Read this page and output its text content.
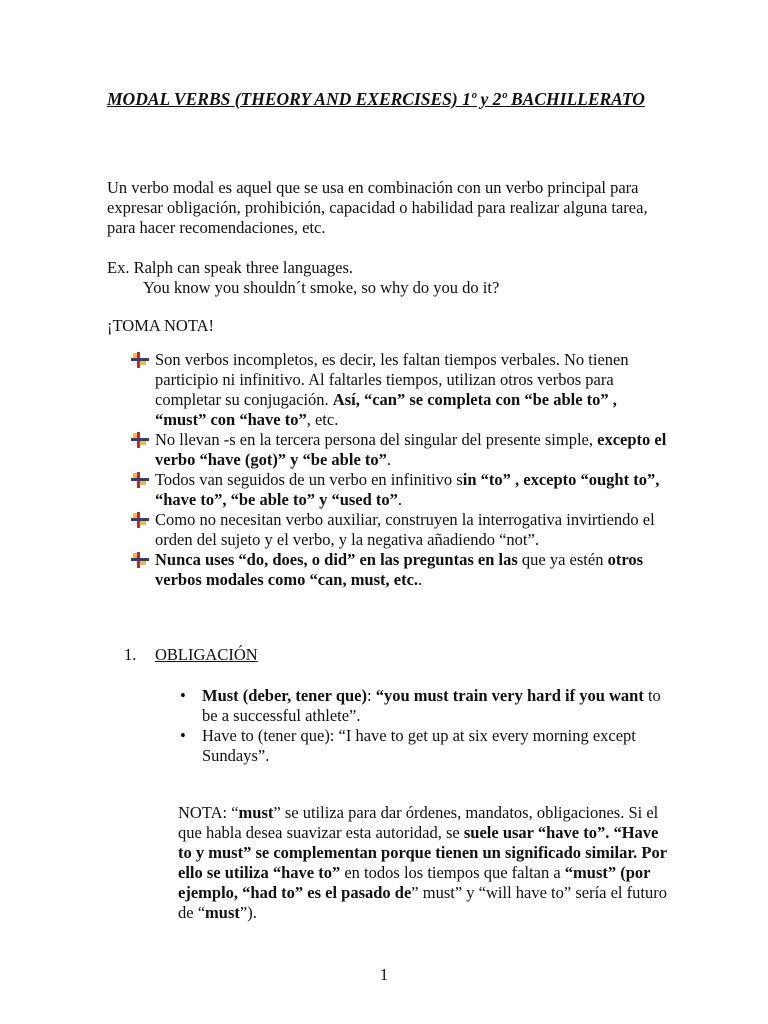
MODAL VERBS (THEORY AND EXERCISES) 1º y 2º BACHILLERATO

Un verbo modal es aquel que se usa en combinación con un verbo principal para expresar obligación, prohibición, capacidad o habilidad para realizar alguna tarea, para hacer recomendaciones, etc.

Ex. Ralph can speak three languages.
You know you shouldn´t smoke, so why do you do it?

¡TOMA NOTA!

Son verbos incompletos, es decir, les faltan tiempos verbales. No tienen participio ni infinitivo. Al faltarles tiempos, utilizan otros verbos para completar su conjugación. Así, “can” se completa con “be able to” , “must” con “have to”, etc.
No llevan -s en la tercera persona del singular del presente simple, excepto el verbo “have (got)” y “be able to”.
Todos van seguidos de un verbo en infinitivo sin “to” , excepto “ought to”, “have to”, “be able to” y “used to”.
Como no necesitan verbo auxiliar, construyen la interrogativa invirtiendo el orden del sujeto y el verbo, y la negativa añadiendo “not”.
Nunca uses “do, does, o did” en las preguntas en las que ya estén otros verbos modales como “can, must, etc..
1. OBLIGACIÓN
• Must (deber, tener que): “you must train very hard if you want to be a successful athlete”.
• Have to (tener que): “I have to get up at six every morning except Sundays”.

NOTA: “must” se utiliza para dar órdenes, mandatos, obligaciones. Si el que habla desea suavizar esta autoridad, se suele usar “have to”. “Have to y must” se complementan porque tienen un significado similar. Por ello se utiliza “have to” en todos los tiempos que faltan a “must” (por ejemplo, “had to” es el pasado de” must” y “will have to” sería el futuro de “must”).

1
